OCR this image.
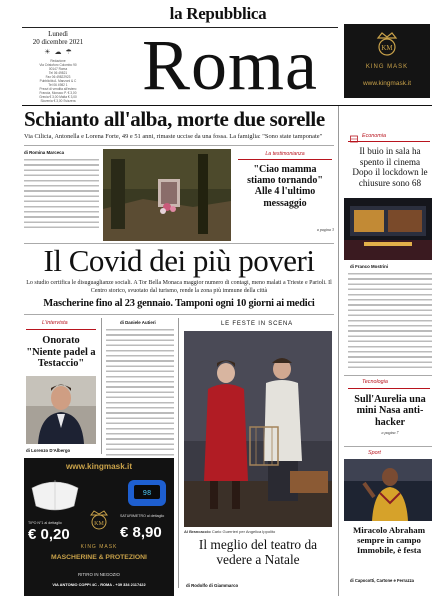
la Repubblica
Lunedì
20 dicembre 2021
☀ ☁ ☂
Redazione
Via Cristoforo Colombo 90
00147 Roma
Tel 06 49821
Fax 06 49822923
Pubblicità A. Manzoni & C
Tel 06 4982 1
Prezzi di vendita all'estero
Francia, Monaco P. € 3,00
Grecia € 3,00 Malta € 3,00
Slovenia € 3,00 Svizzera Roma	KM
KING MASK
www.kingmask.it
Schianto all'alba, morte due sorelle
Via Cilicia, Antonella e Lorena Forte, 49 e 51 anni, rimaste uccise da una fossa. La famiglia: "Sono state tamponate"
di Romina Marceca	La testimonianza
"Ciao mamma stiamo tornando" Alle 4 l'ultimo messaggio
a pagina 3
Economia
Il buio in sala ha spento il cinema Dopo il lockdown le chiusure sono 68
di Franco Mostrini
Il Covid dei più poveri
Lo studio certifica le disuguaglianze sociali. A Tor Bella Monaca maggior numero di contagi, meno malati a Trieste e Parioli. Il Centro storico, svuotato dal turismo, rende la zona più immune della città
Mascherine fino al 23 gennaio. Tamponi ogni 10 giorni ai medici
L'intervista
Onorato "Niente padel a Testaccio"
di Lorenzo D'Albergo
di Daniele Autieri	LE FESTE IN SCENA
Al Brancaccio Carlo Guerrieri per Angelica Ippolito
Il meglio del teatro da vedere a Natale
di Rodolfo di Giammarco
Tecnologia
Sull'Aurelia una mini Nasa anti-hacker
a pagina 7
Sport
Miracolo Abraham sempre in campo Immobile, è festa
di Capocotti, Cartone e Ferrazza
www.kingmask.it
98
KM
TIPO N°1 al dettaglio
€ 0,20
SATURIMETRO al dettaglio
€ 8,90
KING MASK
MASCHERINE & PROTEZIONI
RITIRO IN NEGOZIO
VIA ANTONIO COPPI 4C - ROMA - +39 334 2117422
